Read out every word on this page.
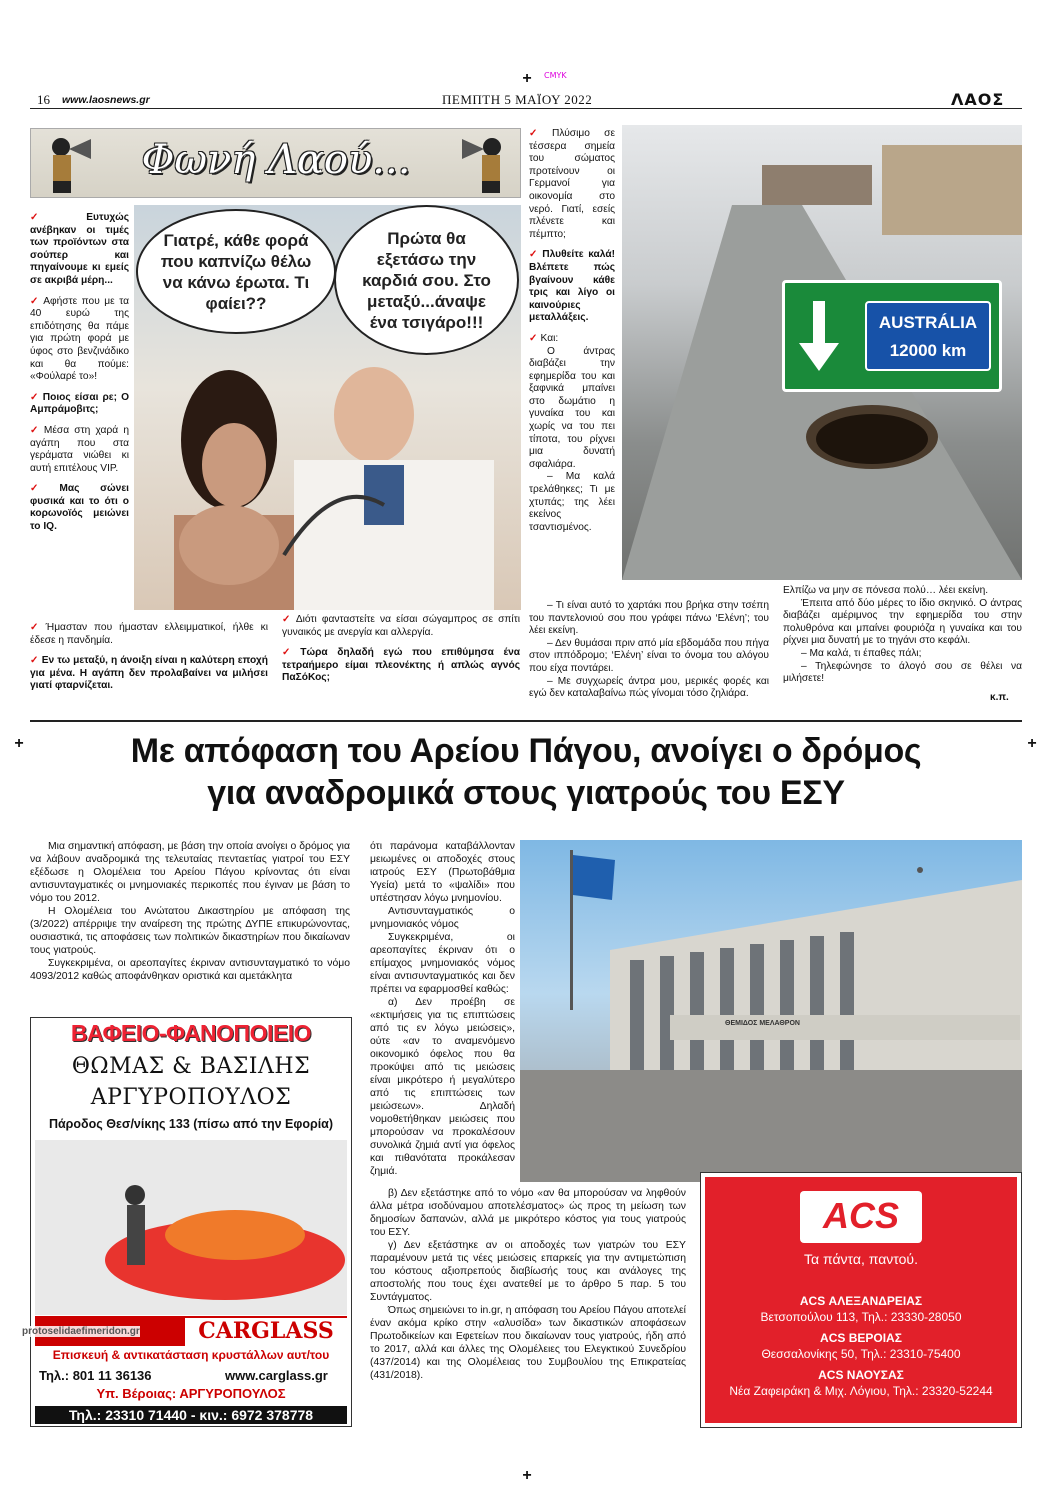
+	CMYK
+	+
+
16 www.laosnews.gr	ΠΕΜΠΤΗ 5 ΜΑΪΟΥ 2022	ΛΑΟΣ
Φωνή Λαού...

✓ Ευτυχώς ανέβηκαν οι τιμές των προϊόντων στα σούπερ και πηγαίνουμε κι εμείς σε ακριβά μέρη...

✓ Αφήστε που με τα 40 ευρώ της επιδότησης θα πάμε για πρώτη φορά με ύφος στο βενζινάδικο και θα πούμε: «Φούλαρέ το»!

✓ Ποιος είσαι ρε; Ο Αμπράμοβιτς;

✓ Μέσα στη χαρά η αγάπη που στα γεράματα νιώθει κι αυτή επιτέλους VIP.

✓ Μας σώνει φυσικά και το ότι ο κορωνοϊός μειώνει το IQ.

Γιατρέ, κάθε φορά που καπνίζω θέλω να κάνω έρωτα. Τι φαίει??
Πρώτα θα εξετάσω την καρδιά σου. Στο μεταξύ...άναψε ένα τσιγάρο!!!

✓ Ήμασταν που ήμασταν ελλειμματικοί, ήλθε κι έδεσε η πανδημία.

✓ Εν τω μεταξύ, η άνοιξη είναι η καλύτερη εποχή για μένα. Η αγάπη δεν προλαβαίνει να μιλήσει γιατί φταρνίζεται.

✓ Διότι φανταστείτε να είσαι σώγαμπρος σε σπίτι γυναικός με ανεργία και αλλεργία.

✓ Τώρα δηλαδή εγώ που επιθύμησα ένα τετραήμερο είμαι πλεονέκτης ή απλώς αγνός ΠαΣόΚος;

✓ Πλύσιμο σε τέσσερα σημεία του σώματος προτείνουν οι Γερμανοί για οικονομία στο νερό. Γιατί, εσείς πλένετε και πέμπτο;

✓ Πλυθείτε καλά! Βλέπετε πώς βγαίνουν κάθε τρις και λίγο οι καινούριες μεταλλάξεις.

✓ Και:

Ο άντρας διαβάζει την εφημερίδα του και ξαφνικά μπαίνει στο δωμάτιο η γυναίκα του και χωρίς να του πει τίποτα, του ρίχνει μια δυνατή σφαλιάρα.

– Μα καλά τρελάθηκες; Τι με χτυπάς; της λέει εκείνος τσαντισμένος.

– Τι είναι αυτό το χαρτάκι που βρήκα στην τσέπη του παντελονιού σου που γράφει πάνω ‘Ελένη’; του λέει εκείνη.

– Δεν θυμάσαι πριν από μία εβδομάδα που πήγα στον ιππόδρομο; ‘Ελένη’ είναι το όνομα του αλόγου που είχα ποντάρει.

– Με συγχωρείς άντρα μου, μερικές φορές και εγώ δεν καταλαβαίνω πώς γίνομαι τόσο ζηλιάρα.

AUSTRÁLIA
12000 km

Ελπίζω να μην σε πόνεσα πολύ… λέει εκείνη.

Έπειτα από δύο μέρες το ίδιο σκηνικό. Ο άντρας διαβάζει αμέριμνος την εφημερίδα του στην πολυθρόνα και μπαίνει φουριόζα η γυναίκα και του ρίχνει μια δυνατή με το τηγάνι στο κεφάλι.

– Μα καλά, τι έπαθες πάλι;

– Τηλεφώνησε το άλογό σου σε θέλει να μιλήσετε!

κ.π.
Με απόφαση του Αρείου Πάγου, ανοίγει ο δρόμος
για αναδρομικά στους γιατρούς του ΕΣΥ

Μια σημαντική απόφαση, με βάση την οποία ανοίγει ο δρόμος για να λάβουν αναδρομικά της τελευταίας πενταετίας γιατροί του ΕΣΥ εξέδωσε η Ολομέλεια του Αρείου Πάγου κρίνοντας ότι είναι αντισυνταγματικές οι μνημονιακές περικοπές που έγιναν με βάση το νόμο του 2012.

Η Ολομέλεια του Ανώτατου Δικαστηρίου με απόφαση της (3/2022) απέρριψε την αναίρεση της πρώτης ΔΥΠΕ επικυρώνοντας, ουσιαστικά, τις αποφάσεις των πολιτικών δικαστηρίων που δικαίωναν τους γιατρούς.

Συγκεκριμένα, οι αρεοπαγίτες έκριναν αντισυνταγματικό το νόμο 4093/2012 καθώς αποφάνθηκαν οριστικά και αμετάκλητα

ΒΑΦΕΙΟ-ΦΑΝΟΠΟΙΕΙΟ
ΘΩΜΑΣ & ΒΑΣΙΛΗΣ
ΑΡΓΥΡΟΠΟΥΛΟΣ
Πάροδος Θεσ/νίκης 133 (πίσω από την Εφορία)
CARGLASS
Επισκευή & αντικατάσταση κρυστάλλων αυτ/του
Τηλ.: 801 11 36136	www.carglass.gr
Υπ. Βέροιας: ΑΡΓΥΡΟΠΟΥΛΟΣ
Τηλ.: 23310 71440 - κιν.: 6972 378778
protoselidaefimeridon.gr

ότι παράνομα καταβάλλονταν μειωμένες οι αποδοχές στους ιατρούς ΕΣΥ (Πρωτοβάθμια Υγεία) μετά το «ψαλίδι» που υπέστησαν λόγω μνημονίου.

Αντισυνταγματικός ο μνημονιακός νόμος

Συγκεκριμένα, οι αρεοπαγίτες έκριναν ότι ο επίμαχος μνημονιακός νόμος είναι αντισυνταγματικός και δεν πρέπει να εφαρμοσθεί καθώς:

α) Δεν προέβη σε «εκτιμήσεις για τις επιπτώσεις από τις εν λόγω μειώσεις», ούτε «αν το αναμενόμενο οικονομικό όφελος που θα προκύψει από τις μειώσεις είναι μικρότερο ή μεγαλύτερο από τις επιπτώσεις των μειώσεων». Δηλαδή νομοθετήθηκαν μειώσεις που μπορούσαν να προκαλέσουν συνολικά ζημιά αντί για όφελος και πιθανότατα προκάλεσαν ζημιά.

ΘΕΜΙΔΟΣ ΜΕΛΑΘΡΟΝ

β) Δεν εξετάστηκε από το νόμο «αν θα μπορούσαν να ληφθούν άλλα μέτρα ισοδύναμου αποτελέσματος» ώς προς τη μείωση των δημοσίων δαπανών, αλλά με μικρότερο κόστος για τους γιατρούς του ΕΣΥ.

γ) Δεν εξετάστηκε αν οι αποδοχές των γιατρών του ΕΣΥ παραμένουν μετά τις νέες μειώσεις επαρκείς για την αντιμετώπιση του κόστους αξιοπρεπούς διαβίωσής τους και ανάλογες της αποστολής που τους έχει ανατεθεί με το άρθρο 5 παρ. 5 του Συντάγματος.

Όπως σημειώνει το in.gr, η απόφαση του Αρείου Πάγου αποτελεί έναν ακόμα κρίκο στην «αλυσίδα» των δικαστικών αποφάσεων Πρωτοδικείων και Εφετείων που δικαίωναν τους γιατρούς, ήδη από το 2017, αλλά και άλλες της Ολομέλειες του Ελεγκτικού Συνεδρίου (437/2014) και της Ολομέλειας του Συμβουλίου της Επικρατείας (431/2018).

ACS
Τα πάντα, παντού.
ACS ΑΛΕΞΑΝΔΡΕΙΑΣ
Βετσοπούλου 113, Τηλ.: 23330-28050
ACS ΒΕΡΟΙΑΣ
Θεσσαλονίκης 50, Τηλ.: 23310-75400
ACS ΝΑΟΥΣΑΣ
Νέα Ζαφειράκη & Μιχ. Λόγιου, Τηλ.: 23320-52244
